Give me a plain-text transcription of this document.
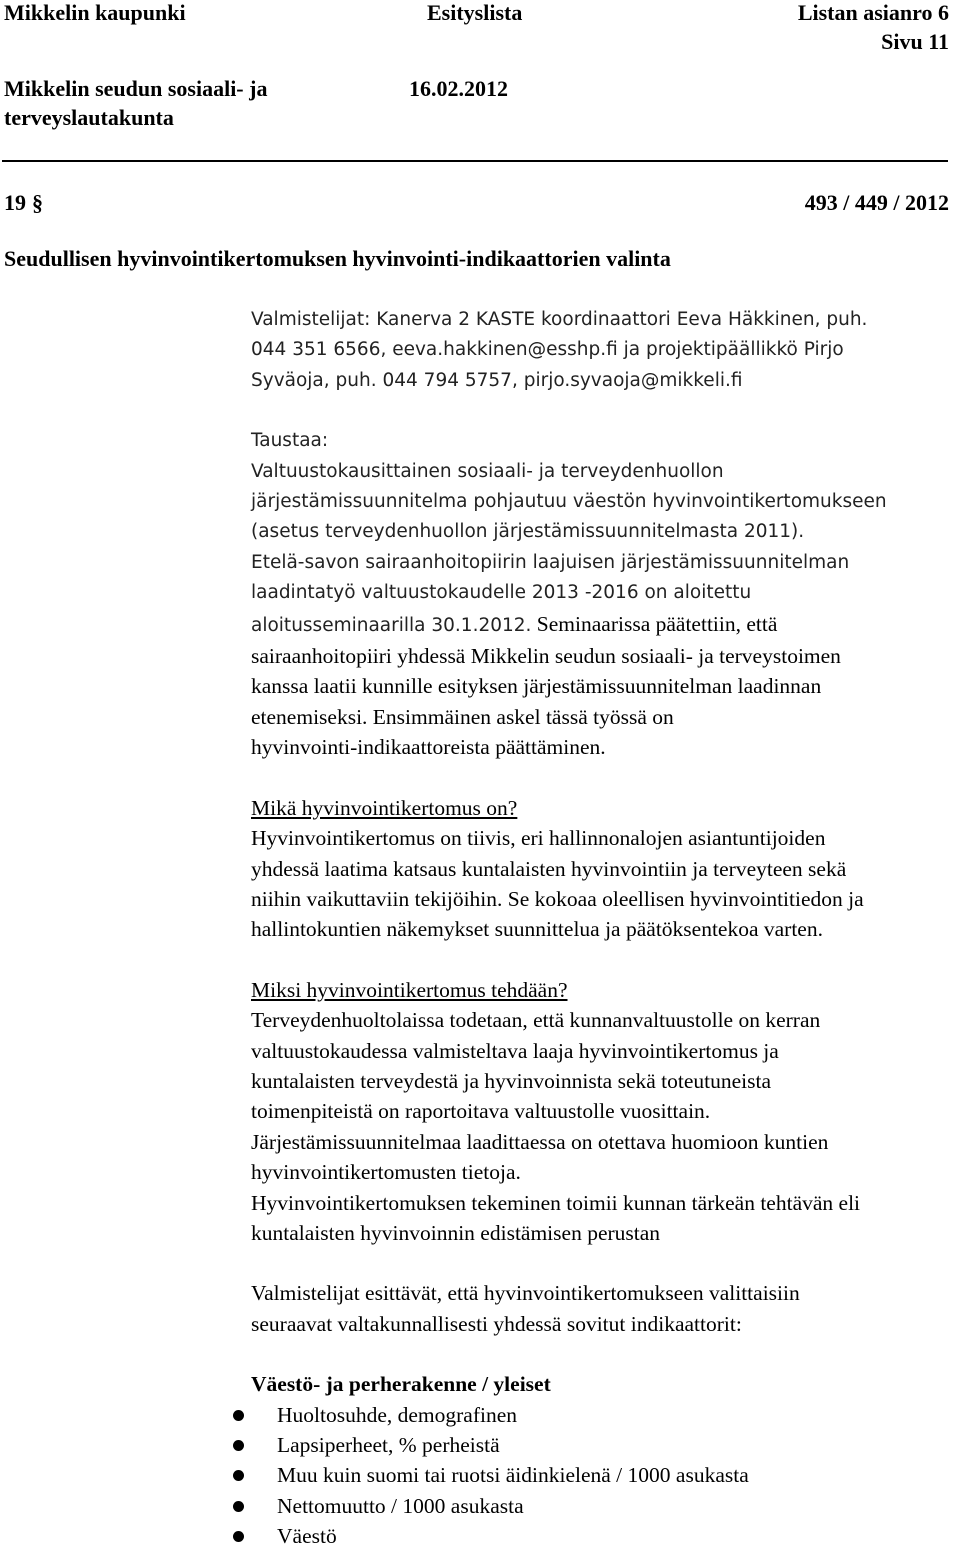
Mikkelin kaupunki	Esityslista	Listan asianro 6
Sivu 11
Mikkelin seudun sosiaali- ja
terveyslautakunta
16.02.2012
19 §	493 / 449 / 2012
Seudullisen hyvinvointikertomuksen hyvinvointi-indikaattorien valinta

Valmistelijat: Kanerva 2 KASTE koordinaattori Eeva Häkkinen, puh.

044 351 6566, eeva.hakkinen@esshp.fi ja projektipäällikkö Pirjo

Syväoja, puh. 044 794 5757, pirjo.syvaoja@mikkeli.fi

Taustaa:

Valtuustokausittainen sosiaali- ja terveydenhuollon

järjestämissuunnitelma pohjautuu väestön hyvinvointikertomukseen

(asetus terveydenhuollon järjestämissuunnitelmasta 2011).

Etelä-savon sairaanhoitopiirin laajuisen järjestämissuunnitelman

laadintatyö valtuustokaudelle 2013 -2016 on aloitettu

aloitusseminaarilla 30.1.2012. Seminaarissa päätettiin, että

sairaanhoitopiiri yhdessä Mikkelin seudun sosiaali- ja terveystoimen

kanssa laatii kunnille esityksen järjestämissuunnitelman laadinnan

etenemiseksi. Ensimmäinen askel tässä työssä on

hyvinvointi-indikaattoreista päättäminen.

Mikä hyvinvointikertomus on?

Hyvinvointikertomus on tiivis, eri hallinnonalojen asiantuntijoiden

yhdessä laatima katsaus kuntalaisten hyvinvointiin ja terveyteen sekä

niihin vaikuttaviin tekijöihin. Se kokoaa oleellisen hyvinvointitiedon ja

hallintokuntien näkemykset suunnittelua ja päätöksentekoa varten.

Miksi hyvinvointikertomus tehdään?

Terveydenhuoltolaissa todetaan, että kunnanvaltuustolle on kerran

valtuustokaudessa valmisteltava laaja hyvinvointikertomus ja

kuntalaisten terveydestä ja hyvinvoinnista sekä toteutuneista

toimenpiteistä on raportoitava valtuustolle vuosittain.

Järjestämissuunnitelmaa laadittaessa on otettava huomioon kuntien

hyvinvointikertomusten tietoja.

Hyvinvointikertomuksen tekeminen toimii kunnan tärkeän tehtävän eli

kuntalaisten hyvinvoinnin edistämisen perustan

Valmistelijat esittävät, että hyvinvointikertomukseen valittaisiin

seuraavat valtakunnallisesti yhdessä sovitut indikaattorit:

Väestö- ja perherakenne / yleiset

Huoltosuhde, demografinen
Lapsiperheet, % perheistä
Muu kuin suomi tai ruotsi äidinkielenä / 1000 asukasta
Nettomuutto / 1000 asukasta
Väestö
